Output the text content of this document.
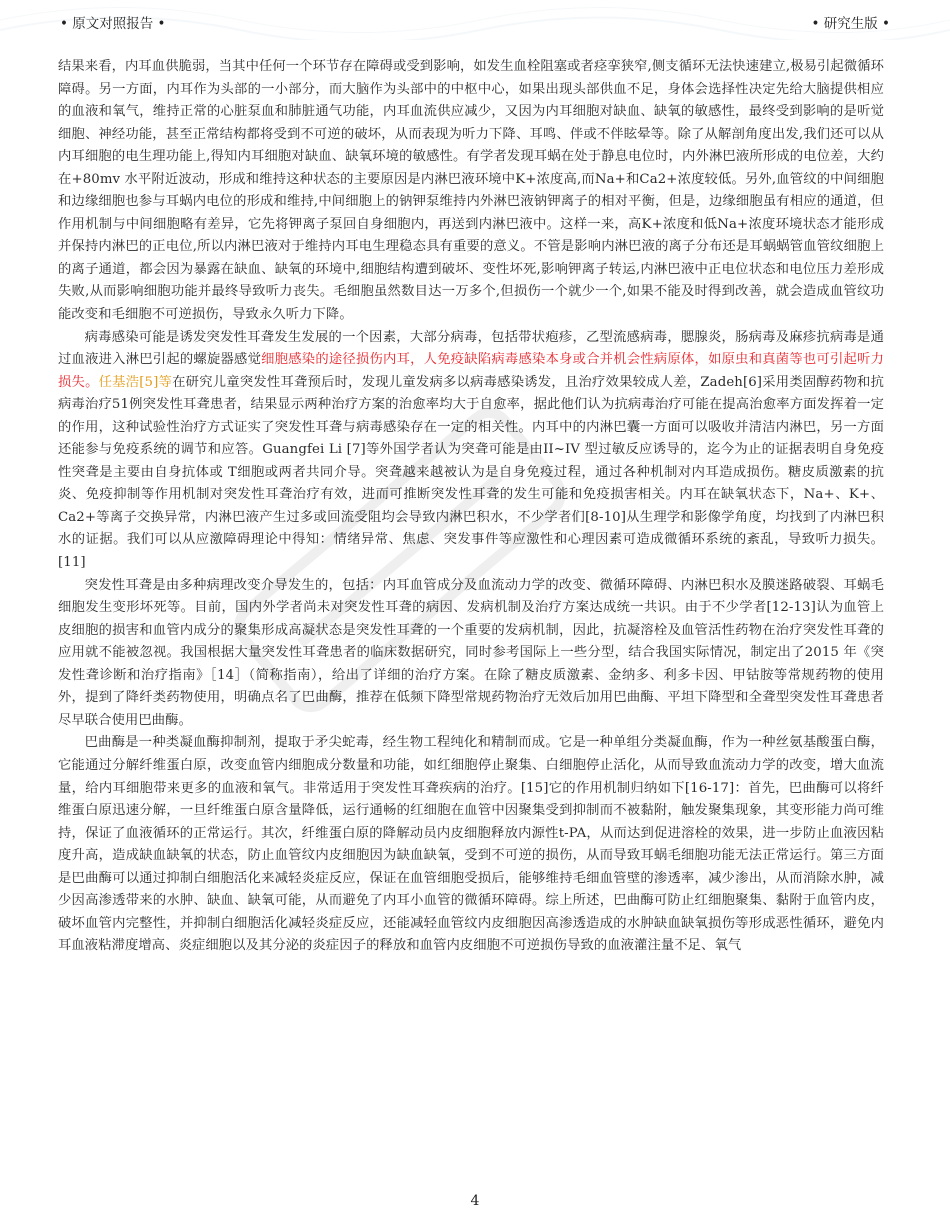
• 原文对照报告 •	• 研究生版 •

结果来看，内耳血供脆弱，当其中任何一个环节存在障碍或受到影响，如发生血栓阻塞或者痉挛狭窄,侧支循环无法快速建立,极易引起微循环障碍。另一方面，内耳作为头部的一小部分，而大脑作为头部中的中枢中心，如果出现头部供血不足，身体会选择性决定先给大脑提供相应的血液和氧气，维持正常的心脏泵血和肺脏通气功能，内耳血流供应减少，又因为内耳细胞对缺血、缺氧的敏感性，最终受到影响的是听觉细胞、神经功能，甚至正常结构都将受到不可逆的破坏，从而表现为听力下降、耳鸣、伴或不伴眩晕等。除了从解剖角度出发,我们还可以从内耳细胞的电生理功能上,得知内耳细胞对缺血、缺氧环境的敏感性。有学者发现耳蜗在处于静息电位时，内外淋巴液所形成的电位差，大约在+80mv 水平附近波动，形成和维持这种状态的主要原因是内淋巴液环境中K+浓度高,而Na+和Ca2+浓度较低。另外,血管纹的中间细胞和边缘细胞也参与耳蜗内电位的形成和维持,中间细胞上的钠钾泵维持内外淋巴液钠钾离子的相对平衡，但是，边缘细胞虽有相应的通道，但作用机制与中间细胞略有差异，它先将钾离子泵回自身细胞内，再送到内淋巴液中。这样一来，高K+浓度和低Na+浓度环境状态才能形成并保持内淋巴的正电位,所以内淋巴液对于维持内耳电生理稳态具有重要的意义。不管是影响内淋巴液的离子分布还是耳蜗蜗管血管纹细胞上的离子通道，都会因为暴露在缺血、缺氧的环境中,细胞结构遭到破坏、变性坏死,影响钾离子转运,内淋巴液中正电位状态和电位压力差形成失败,从而影响细胞功能并最终导致听力丧失。毛细胞虽然数目达一万多个,但损伤一个就少一个,如果不能及时得到改善，就会造成血管纹功能改变和毛细胞不可逆损伤，导致永久听力下降。

病毒感染可能是诱发突发性耳聋发生发展的一个因素，大部分病毒，包括带状疱疹，乙型流感病毒，腮腺炎，肠病毒及麻疹抗病毒是通过血液进入淋巴引起的螺旋器感觉细胞感染的途径损伤内耳，人免疫缺陷病毒感染本身或合并机会性病原体，如原虫和真菌等也可引起听力损失。任基浩[5]等在研究儿童突发性耳聋预后时，发现儿童发病多以病毒感染诱发，且治疗效果较成人差，Zadeh[6]采用类固醇药物和抗病毒治疗51例突发性耳聋患者，结果显示两种治疗方案的治愈率均大于自愈率，据此他们认为抗病毒治疗可能在提高治愈率方面发挥着一定的作用，这种试验性治疗方式证实了突发性耳聋与病毒感染存在一定的相关性。内耳中的内淋巴囊一方面可以吸收并清洁内淋巴，另一方面还能参与免疫系统的调节和应答。Guangfei Li [7]等外国学者认为突聋可能是由II~IV 型过敏反应诱导的，迄今为止的证据表明自身免疫性突聋是主要由自身抗体或 T细胞或两者共同介导。突聋越来越被认为是自身免疫过程，通过各种机制对内耳造成损伤。糖皮质激素的抗炎、免疫抑制等作用机制对突发性耳聋治疗有效，进而可推断突发性耳聋的发生可能和免疫损害相关。内耳在缺氧状态下，Na+、K+、Ca2+等离子交换异常，内淋巴液产生过多或回流受阻均会导致内淋巴积水，不少学者们[8-10]从生理学和影像学角度，均找到了内淋巴积水的证据。我们可以从应激障碍理论中得知：情绪异常、焦虑、突发事件等应激性和心理因素可造成微循环系统的紊乱，导致听力损失。[11]

突发性耳聋是由多种病理改变介导发生的，包括：内耳血管成分及血流动力学的改变、微循环障碍、内淋巴积水及膜迷路破裂、耳蜗毛细胞发生变形坏死等。目前，国内外学者尚未对突发性耳聋的病因、发病机制及治疗方案达成统一共识。由于不少学者[12-13]认为血管上皮细胞的损害和血管内成分的聚集形成高凝状态是突发性耳聋的一个重要的发病机制，因此，抗凝溶栓及血管活性药物在治疗突发性耳聋的应用就不能被忽视。我国根据大量突发性耳聋患者的临床数据研究，同时参考国际上一些分型，结合我国实际情况，制定出了2015 年《突发性聋诊断和治疗指南》［14］（简称指南），给出了详细的治疗方案。在除了糖皮质激素、金纳多、利多卡因、甲钴胺等常规药物的使用外，提到了降纤类药物使用，明确点名了巴曲酶，推荐在低频下降型常规药物治疗无效后加用巴曲酶、平坦下降型和全聋型突发性耳聋患者尽早联合使用巴曲酶。

巴曲酶是一种类凝血酶抑制剂，提取于矛尖蛇毒，经生物工程纯化和精制而成。它是一种单组分类凝血酶，作为一种丝氨基酸蛋白酶，它能通过分解纤维蛋白原，改变血管内细胞成分数量和功能，如红细胞停止聚集、白细胞停止活化，从而导致血流动力学的改变，增大血流量，给内耳细胞带来更多的血液和氧气。非常适用于突发性耳聋疾病的治疗。[15]它的作用机制归纳如下[16-17]：首先，巴曲酶可以将纤维蛋白原迅速分解，一旦纤维蛋白原含量降低，运行通畅的红细胞在血管中因聚集受到抑制而不被黏附，触发聚集现象，其变形能力尚可维持，保证了血液循环的正常运行。其次，纤维蛋白原的降解动员内皮细胞释放内源性t-PA，从而达到促进溶栓的效果，进一步防止血液因粘度升高，造成缺血缺氧的状态，防止血管纹内皮细胞因为缺血缺氧，受到不可逆的损伤，从而导致耳蜗毛细胞功能无法正常运行。第三方面是巴曲酶可以通过抑制白细胞活化来减轻炎症反应，保证在血管细胞受损后，能够维持毛细血管壁的渗透率，减少渗出，从而消除水肿，减少因高渗透带来的水肿、缺血、缺氧可能，从而避免了内耳小血管的微循环障碍。综上所述，巴曲酶可防止红细胞聚集、黏附于血管内皮，破坏血管内完整性，并抑制白细胞活化减轻炎症反应，还能减轻血管纹内皮细胞因高渗透造成的水肿缺血缺氧损伤等形成恶性循环，避免内耳血液粘滞度增高、炎症细胞以及其分泌的炎症因子的释放和血管内皮细胞不可逆损伤导致的血液灌注量不足、氧气

4
